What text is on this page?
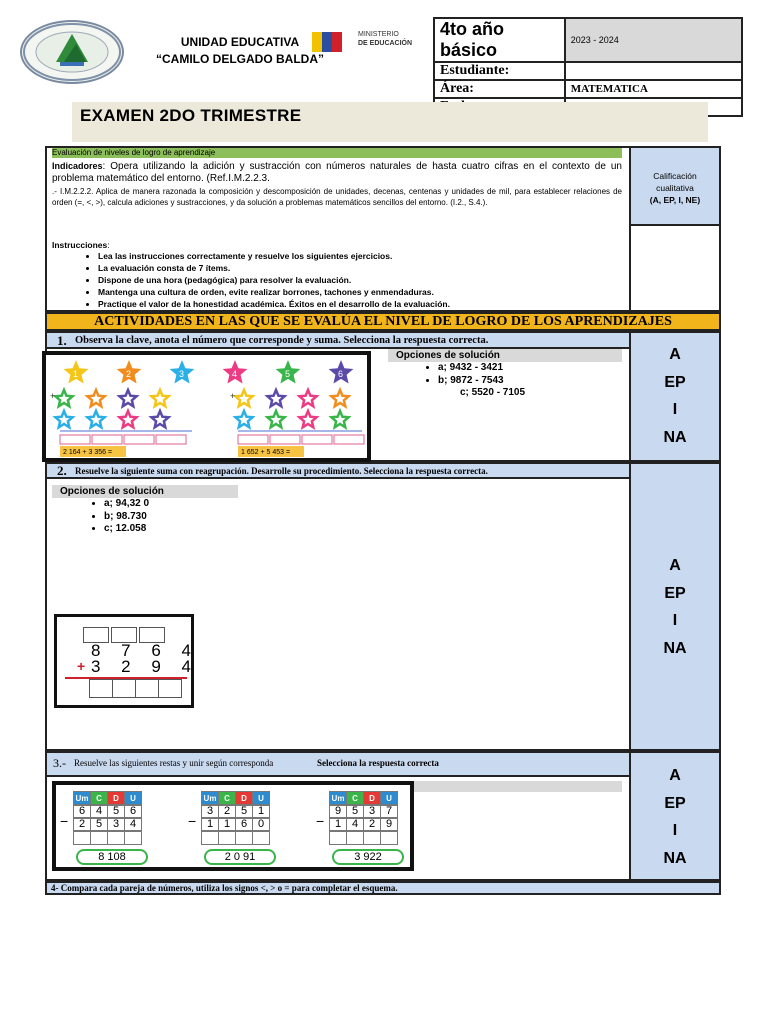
UNIDAD EDUCATIVA
“CAMILO DELGADO BALDA”
MINISTERIO
DE EDUCACIÓN
4to año básico	2023 - 2024
Estudiante:	
Área:	MATEMATICA

EXAMEN 2DO TRIMESTRE
Evaluación de niveles de logro de aprendizaje
Indicadores: Opera utilizando la adición y sustracción con números naturales de hasta cuatro cifras en el contexto de un problema matemático del entorno. (Ref.I.M.2.2.3.
.- I.M.2.2.2. Aplica de manera razonada la composición y descomposición de unidades, decenas, centenas y unidades de mil, para establecer relaciones de orden (=, <, >), calcula adiciones y sustracciones, y da solución a problemas matemáticos sencillos del entorno. (I.2., S.4.).
Instrucciones:
• Lea las instrucciones correctamente y resuelve los siguientes ejercicios.
• La evaluación consta de 7 ítems.
• Dispone de una hora (pedagógica) para resolver la evaluación.
• Mantenga una cultura de orden, evite realizar borrones, tachones y enmendaduras.
• Practique el valor de la honestidad académica. Éxitos en el desarrollo de la evaluación.
Calificación cualitativa
(A, EP, I, NE)
ACTIVIDADES EN LAS QUE SE EVALÚA EL NIVEL DE LOGRO DE LOS APRENDIZAJES
1. Observa la clave, anota el número que corresponde y suma. Selecciona la respuesta correcta.
Opciones de solución
• a; 9432 - 3421
• b; 9872 - 7543
c; 5520 - 7105
1	2	3	4	5	6
+	+
2 164 + 3 356 =	1 652 + 5 453 =
A
EP
I
NA
2. Resuelve la siguiente suma con reagrupación. Desarrolle su procedimiento. Selecciona la respuesta correcta.
Opciones de solución
• a; 94,32 0
• b; 98.730
• c; 12.058
8 7 6 4
+ 3 2 9 4
A
EP
I
NA
3.- Resuelve las siguientes restas y unir según corresponda	Selecciona la respuesta correcta
−
Um C	D	U
6 4 5 6
2 5 3 4
8 108
−
Um C	D	U
3 2 5 1
1 1 6 0
2 0 91
−
Um C	D	U
9 5 3 7
1 4 2 9
3 922
A
EP
I
NA
4- Compara cada pareja de números, utiliza los signos <, > o = para completar el esquema.
